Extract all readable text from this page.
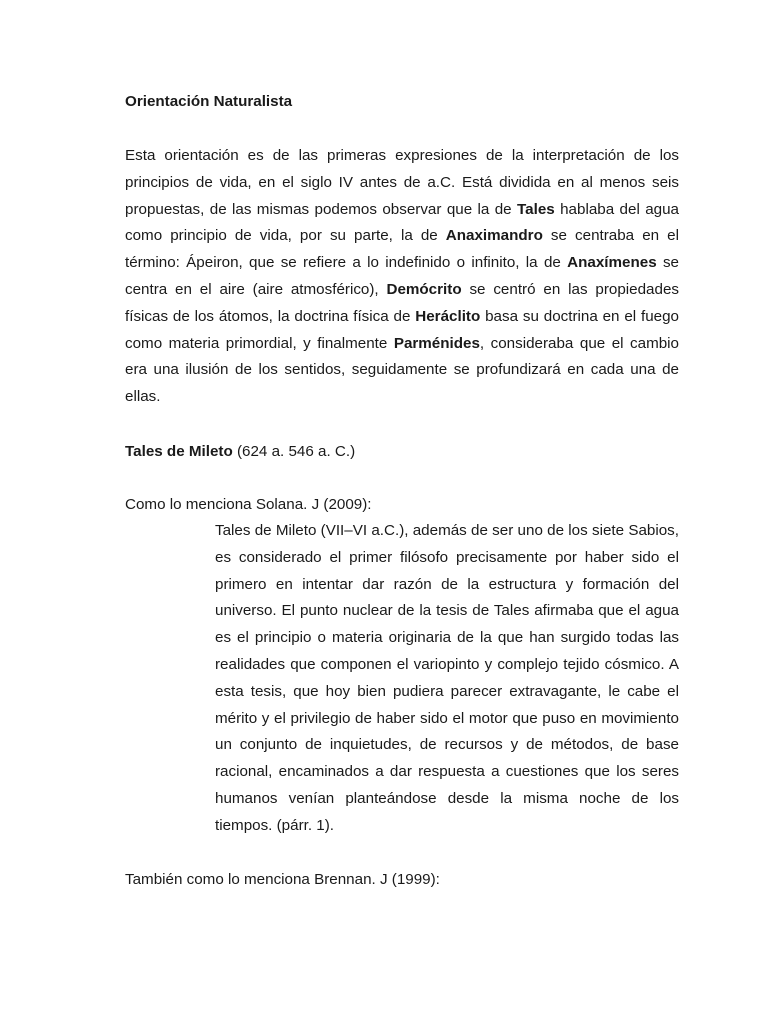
Orientación Naturalista

Esta orientación es de las primeras expresiones de la interpretación de los principios de vida, en el siglo IV antes de a.C. Está dividida en al menos seis propuestas, de las mismas podemos observar que la de Tales hablaba del agua como principio de vida, por su parte, la de Anaximandro se centraba en el término: Ápeiron, que se refiere a lo indefinido o infinito, la de Anaxímenes se centra en el aire (aire atmosférico), Demócrito se centró en las propiedades físicas de los átomos, la doctrina física de Heráclito basa su doctrina en el fuego como materia primordial, y finalmente Parménides, consideraba que el cambio era una ilusión de los sentidos, seguidamente se profundizará en cada una de ellas.

Tales de Mileto (624 a. 546 a. C.)

Como lo menciona Solana. J (2009):

Tales de Mileto (VII–VI a.C.), además de ser uno de los siete Sabios, es considerado el primer filósofo precisamente por haber sido el primero en intentar dar razón de la estructura y formación del universo. El punto nuclear de la tesis de Tales afirmaba que el agua es el principio o materia originaria de la que han surgido todas las realidades que componen el variopinto y complejo tejido cósmico. A esta tesis, que hoy bien pudiera parecer extravagante, le cabe el mérito y el privilegio de haber sido el motor que puso en movimiento un conjunto de inquietudes, de recursos y de métodos, de base racional, encaminados a dar respuesta a cuestiones que los seres humanos venían planteándose desde la misma noche de los tiempos. (párr. 1).

También como lo menciona Brennan. J (1999):
